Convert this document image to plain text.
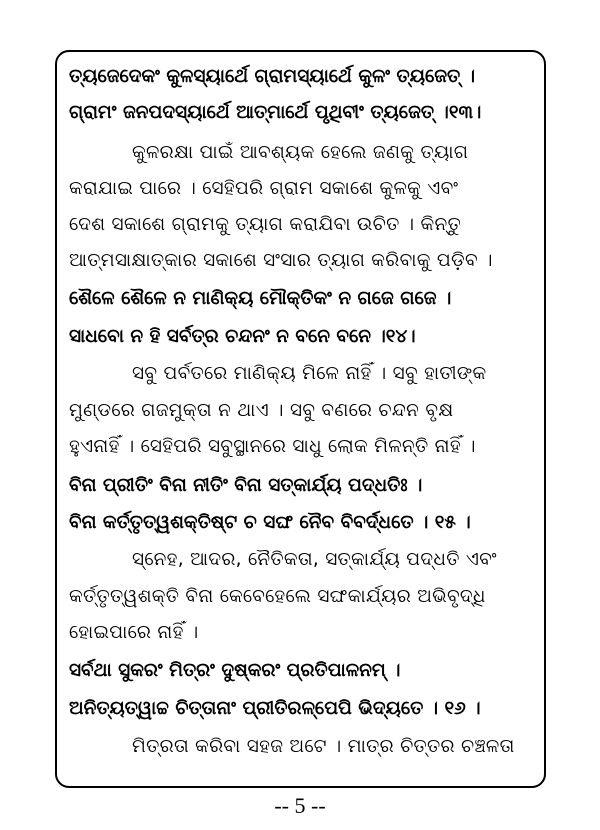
ତ୍ୟଜେଦେକଂ କୁଳସ୍ୟାର୍ଥେ ଗ୍ରାମସ୍ୟାର୍ଥେ କୁଳଂ ତ୍ୟଜେତ୍ ।
ଗ୍ରାମଂ ଜନପଦସ୍ୟାର୍ଥେ ଆତ୍ମାର୍ଥେ ପୃଥିବୀଂ ତ୍ୟଜେତ୍ ।୧୩।
କୁଳରକ୍ଷା ପାଇଁ ଆବଶ୍ୟକ ହେଲେ ଜଣକୁ ତ୍ୟାଗ
କରାଯାଇ ପାରେ । ସେହିପରି ଗ୍ରାମ ସକାଶେ କୁଳକୁ ଏବଂ
ଦେଶ ସକାଶେ ଗ୍ରାମକୁ ତ୍ୟାଗ କରାଯିବା ଉଚିତ । କିନ୍ତୁ
ଆତ୍ମସାକ୍ଷାତ୍କାର ସକାଶେ ସଂସାର ତ୍ୟାଗ କରିବାକୁ ପଡ଼ିବ ।
ଶୈଳେ ଶୈଳେ ନ ମାଣିକ୍ୟ ମୌକ୍ତିକଂ ନ ଗଜେ ଗଜେ ।
ସାଧବୋ ନ ହି ସର୍ବତ୍ର ଚନ୍ଦନଂ ନ ବନେ ବନେ ।୧୪।
ସବୁ ପର୍ବତରେ ମାଣିକ୍ୟ ମିଳେ ନାହିଁ । ସବୁ ହାତୀଙ୍କ
ମୁଣ୍ଡରେ ଗଜମୁକ୍ତା ନ ଥାଏ । ସବୁ ବଣରେ ଚନ୍ଦନ ବୃକ୍ଷ
ହୁଏନାହିଁ । ସେହିପରି ସବୁସ୍ଥାନରେ ସାଧୁ ଲୋକ ମିଳନ୍ତି ନାହିଁ ।
ବିନା ପ୍ରୀତିଂ ବିନା ନୀତିଂ ବିନା ସତ୍କାର୍ଯ୍ୟ ପଦ୍ଧତିଃ ।
ବିନା କର୍ତ୍ତୃତ୍ୱଶକ୍ତିଷ୍ଟ ଚ ସଙ୍ଘ ନୈବ ବିବର୍ଦ୍ଧତେ । ୧୫ ।
ସ୍ନେହ, ଆଦର, ନୈତିକତା, ସତ୍କାର୍ଯ୍ୟ ପଦ୍ଧତି ଏବଂ
କର୍ତ୍ତୃତ୍ୱଶକ୍ତି ବିନା କେବେହେଲେ ସଙ୍ଘକାର୍ଯ୍ୟର ଅଭିବୃଦ୍ଧି
ହୋଇପାରେ ନାହିଁ ।
ସର୍ବଥା ସୁକରଂ ମିତ୍ରଂ ଦୁଷ୍କରଂ ପ୍ରତିପାଳନମ୍ ।
ଅନିତ୍ୟତ୍ୱାଚ୍ଚ ଚିତ୍ତାନାଂ ପ୍ରୀତିରଳ୍ପେପି ଭିଦ୍ୟତେ । ୧୬ ।
ମିତ୍ରତା କରିବା ସହଜ ଅଟେ । ମାତ୍ର ଚିତ୍ତର ଚଞ୍ଚଳତା
-- 5 --
